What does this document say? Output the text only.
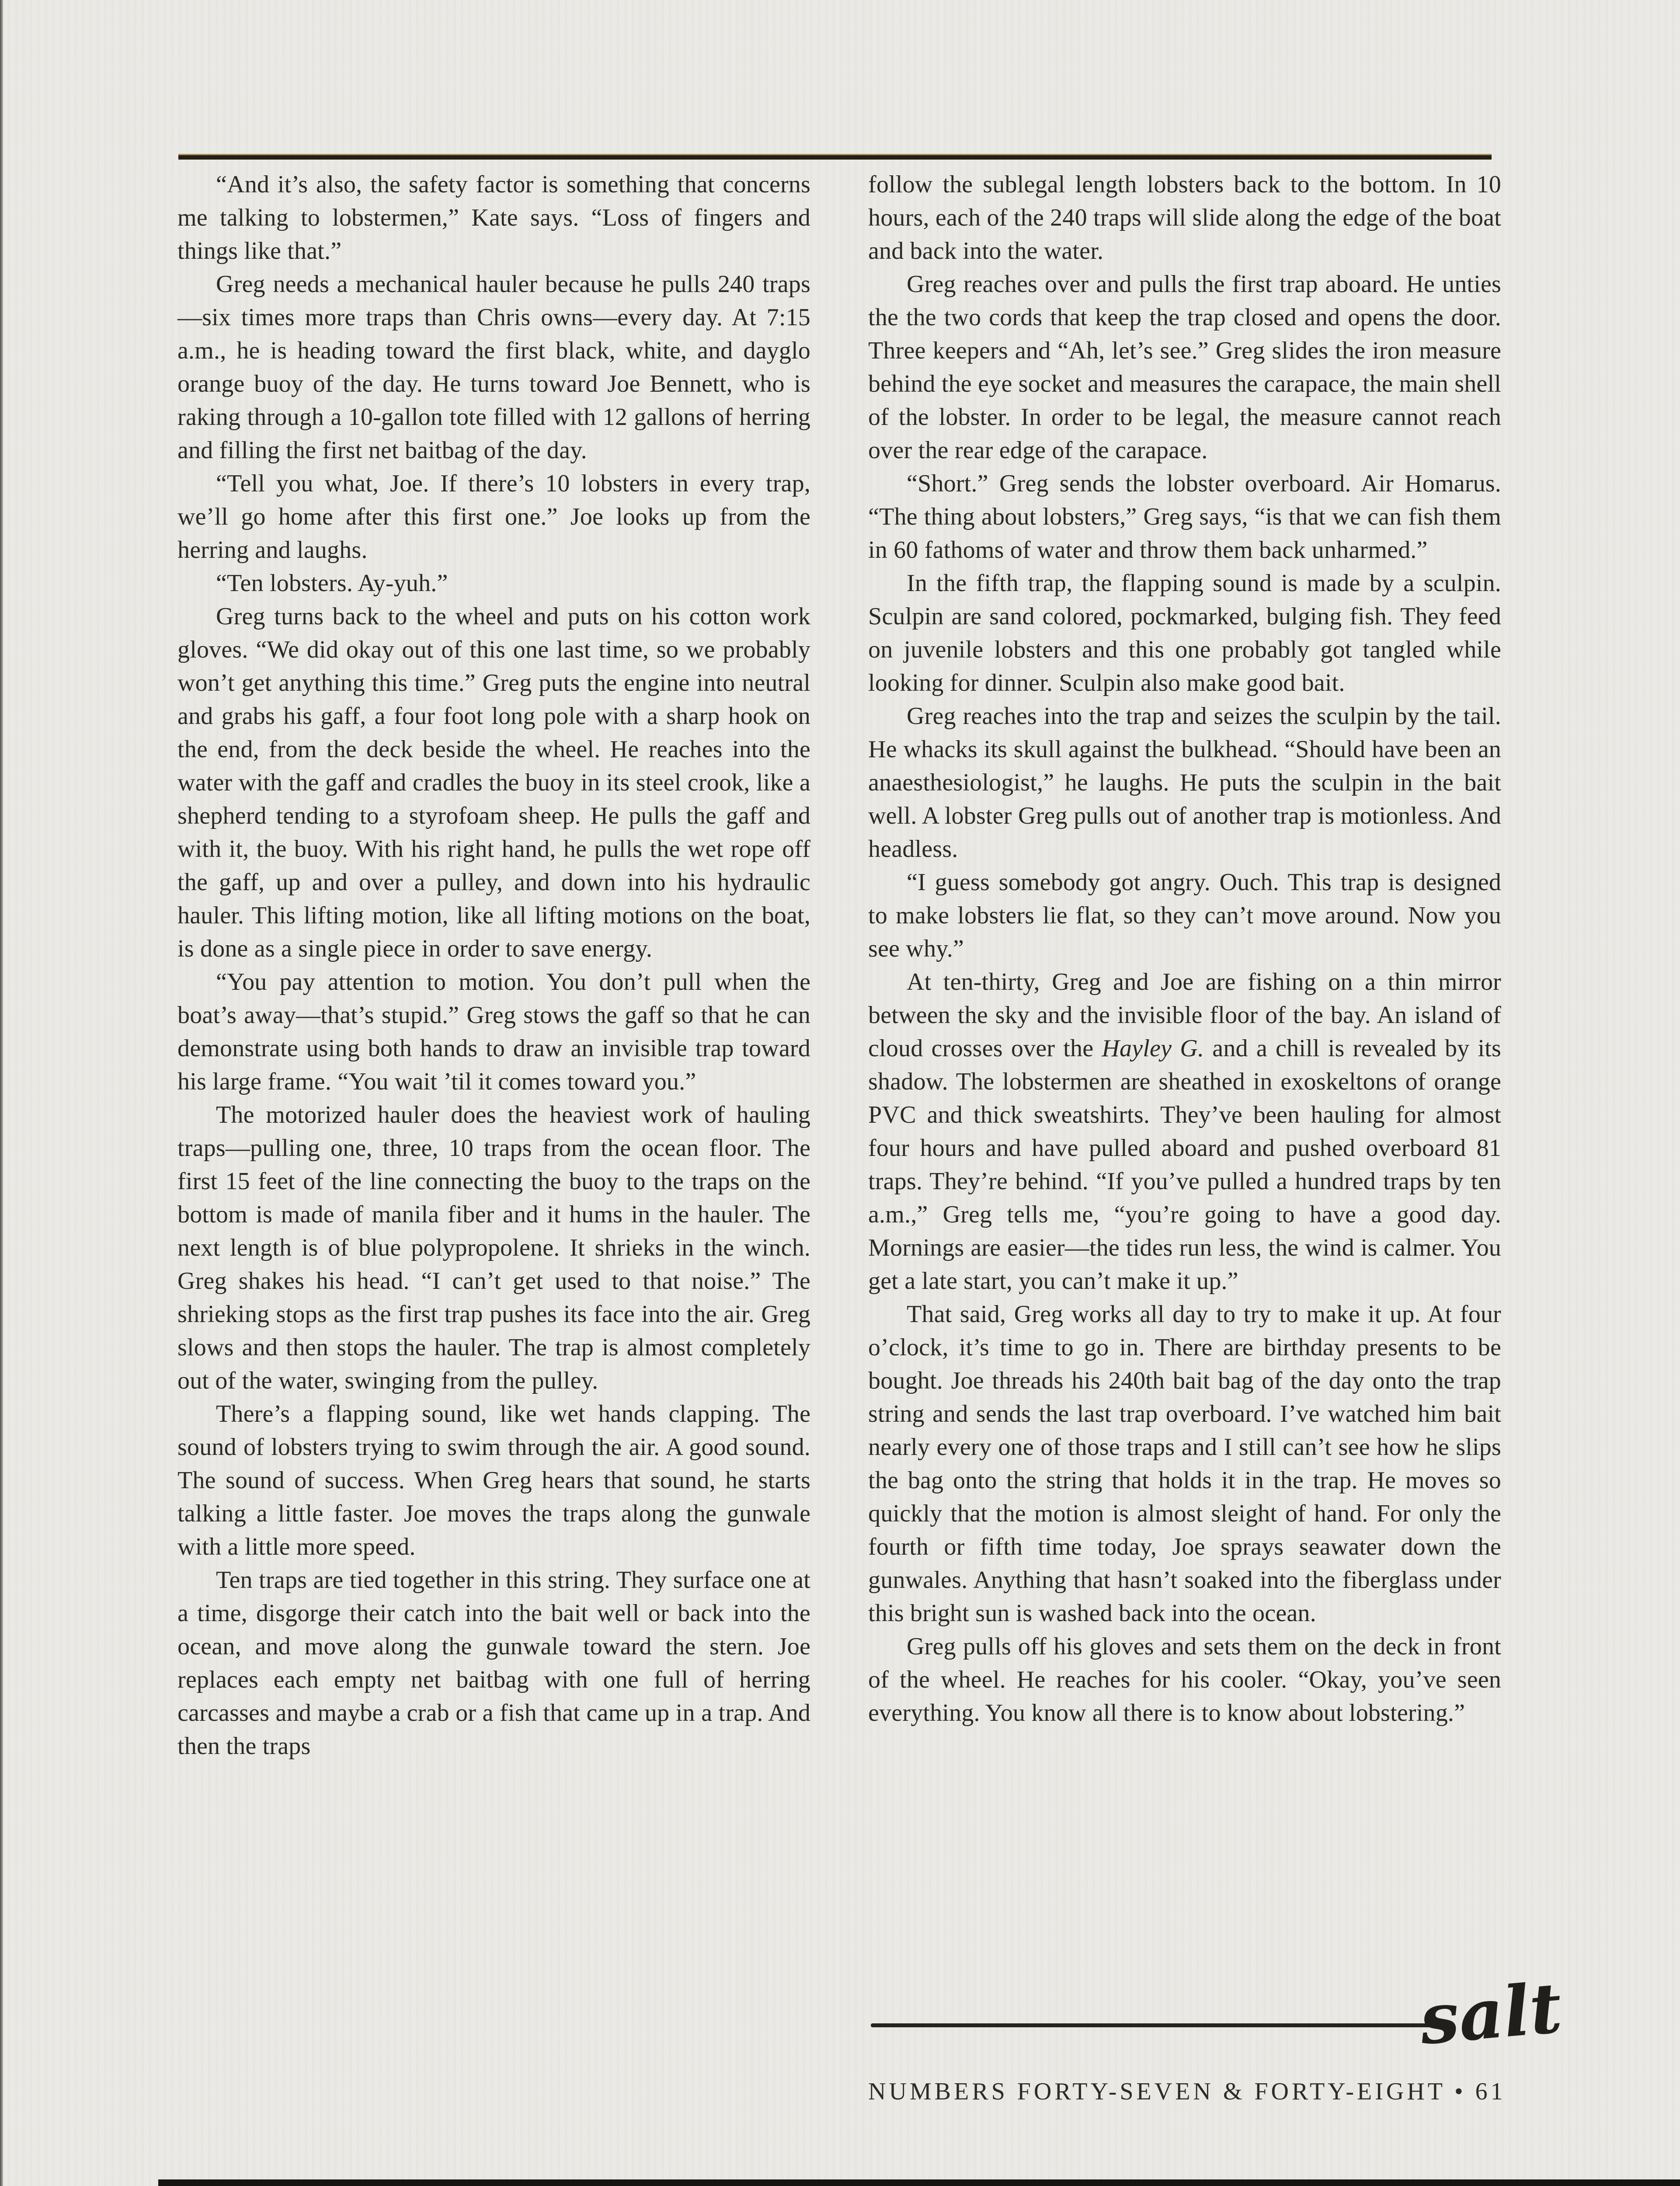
“And it’s also, the safety factor is something that concerns me talking to lobstermen,” Kate says. “Loss of fingers and things like that.”

Greg needs a mechanical hauler because he pulls 240 traps—six times more traps than Chris owns—every day. At 7:15 a.m., he is heading toward the first black, white, and dayglo orange buoy of the day. He turns toward Joe Bennett, who is raking through a 10-gallon tote filled with 12 gallons of herring and filling the first net baitbag of the day.

“Tell you what, Joe. If there’s 10 lobsters in every trap, we’ll go home after this first one.” Joe looks up from the herring and laughs.

“Ten lobsters. Ay-yuh.”

Greg turns back to the wheel and puts on his cotton work gloves. “We did okay out of this one last time, so we probably won’t get anything this time.” Greg puts the engine into neutral and grabs his gaff, a four foot long pole with a sharp hook on the end, from the deck beside the wheel. He reaches into the water with the gaff and cradles the buoy in its steel crook, like a shepherd tending to a styrofoam sheep. He pulls the gaff and with it, the buoy. With his right hand, he pulls the wet rope off the gaff, up and over a pulley, and down into his hydraulic hauler. This lifting motion, like all lifting motions on the boat, is done as a single piece in order to save energy.

“You pay attention to motion. You don’t pull when the boat’s away—that’s stupid.” Greg stows the gaff so that he can demonstrate using both hands to draw an invisible trap toward his large frame. “You wait ’til it comes toward you.”

The motorized hauler does the heaviest work of hauling traps—pulling one, three, 10 traps from the ocean floor. The first 15 feet of the line connecting the buoy to the traps on the bottom is made of manila fiber and it hums in the hauler. The next length is of blue polypropolene. It shrieks in the winch. Greg shakes his head. “I can’t get used to that noise.” The shrieking stops as the first trap pushes its face into the air. Greg slows and then stops the hauler. The trap is almost completely out of the water, swinging from the pulley.

There’s a flapping sound, like wet hands clapping. The sound of lobsters trying to swim through the air. A good sound. The sound of success. When Greg hears that sound, he starts talking a little faster. Joe moves the traps along the gunwale with a little more speed.

Ten traps are tied together in this string. They surface one at a time, disgorge their catch into the bait well or back into the ocean, and move along the gunwale toward the stern. Joe replaces each empty net baitbag with one full of herring carcasses and maybe a crab or a fish that came up in a trap. And then the traps

follow the sublegal length lobsters back to the bottom. In 10 hours, each of the 240 traps will slide along the edge of the boat and back into the water.

Greg reaches over and pulls the first trap aboard. He unties the the two cords that keep the trap closed and opens the door. Three keepers and “Ah, let’s see.” Greg slides the iron measure behind the eye socket and measures the carapace, the main shell of the lobster. In order to be legal, the measure cannot reach over the rear edge of the carapace.

“Short.” Greg sends the lobster overboard. Air Homarus. “The thing about lobsters,” Greg says, “is that we can fish them in 60 fathoms of water and throw them back unharmed.”

In the fifth trap, the flapping sound is made by a sculpin. Sculpin are sand colored, pockmarked, bulging fish. They feed on juvenile lobsters and this one probably got tangled while looking for dinner. Sculpin also make good bait.

Greg reaches into the trap and seizes the sculpin by the tail. He whacks its skull against the bulkhead. “Should have been an anaesthesiologist,” he laughs. He puts the sculpin in the bait well. A lobster Greg pulls out of another trap is motionless. And headless.

“I guess somebody got angry. Ouch. This trap is designed to make lobsters lie flat, so they can’t move around. Now you see why.”

At ten-thirty, Greg and Joe are fishing on a thin mirror between the sky and the invisible floor of the bay. An island of cloud crosses over the Hayley G. and a chill is revealed by its shadow. The lobstermen are sheathed in exoskeltons of orange PVC and thick sweatshirts. They’ve been hauling for almost four hours and have pulled aboard and pushed overboard 81 traps. They’re behind. “If you’ve pulled a hundred traps by ten a.m.,” Greg tells me, “you’re going to have a good day. Mornings are easier—the tides run less, the wind is calmer. You get a late start, you can’t make it up.”

That said, Greg works all day to try to make it up. At four o’clock, it’s time to go in. There are birthday presents to be bought. Joe threads his 240th bait bag of the day onto the trap string and sends the last trap overboard. I’ve watched him bait nearly every one of those traps and I still can’t see how he slips the bag onto the string that holds it in the trap. He moves so quickly that the motion is almost sleight of hand. For only the fourth or fifth time today, Joe sprays seawater down the gunwales. Anything that hasn’t soaked into the fiberglass under this bright sun is washed back into the ocean.

Greg pulls off his gloves and sets them on the deck in front of the wheel. He reaches for his cooler. “Okay, you’ve seen everything. You know all there is to know about lobstering.”

salt
NUMBERS FORTY-SEVEN & FORTY-EIGHT • 61
